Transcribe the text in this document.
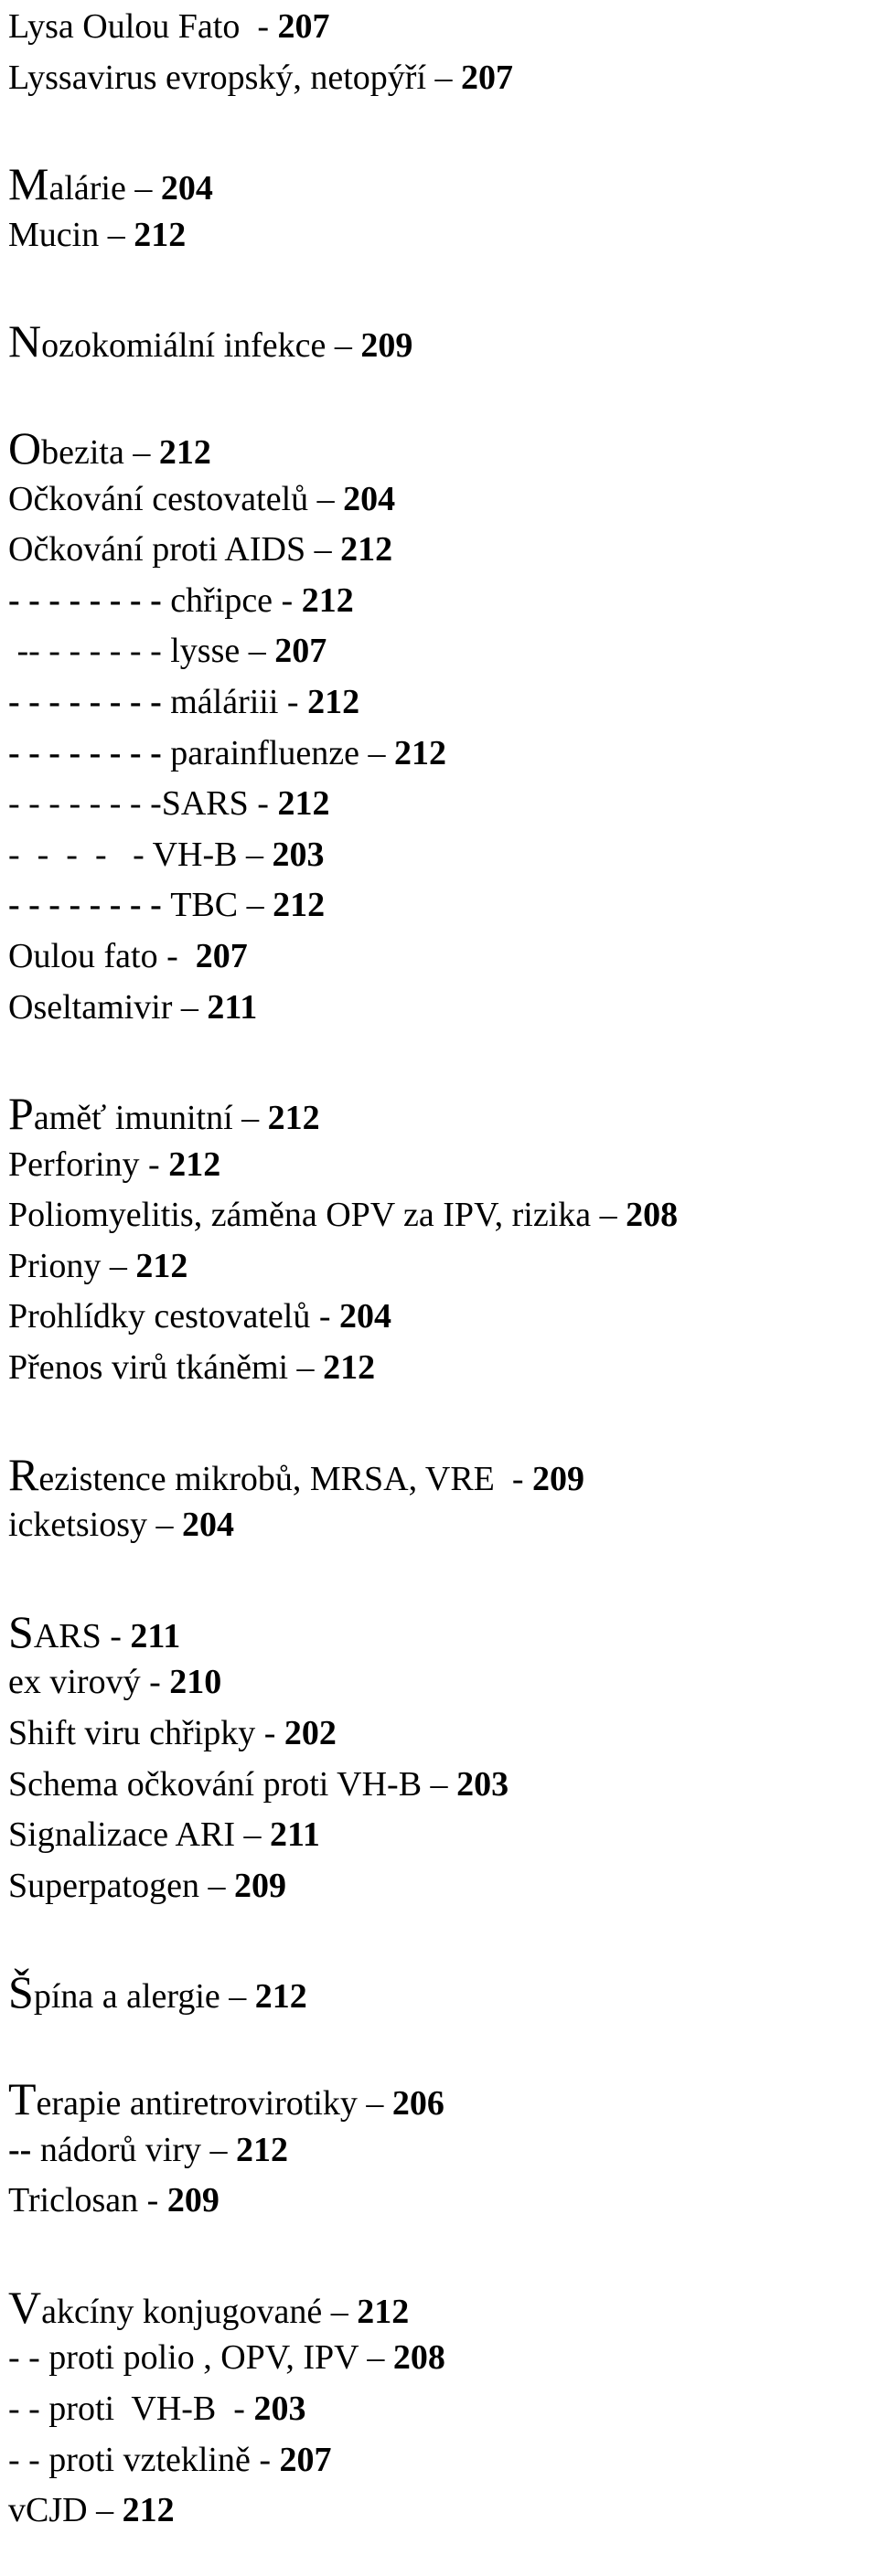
Lysa Oulou Fato  - 207
Lyssavirus evropský, netopýří – 207
Malárie – 204
Mucin – 212
Nozokomiální infekce – 209
Obezita – 212
Očkování cestovatelů – 204
Očkování proti AIDS – 212
- - - - - - - - chřipce - 212
-- - - - - - - lysse – 207
- - - - - - - - máláriii - 212
- - - - - - - - parainfluenze – 212
- - - - - - - -SARS - 212
-  -  -  -   - VH-B – 203
- - - - - - - - TBC – 212
Oulou fato -  207
Oseltamivir – 211
Paměť imunitní – 212
Perforiny - 212
Poliomyelitis, záměna OPV za IPV, rizika – 208
Priony – 212
Prohlídky cestovatelů - 204
Přenos virů tkáněmi – 212
Rezistence mikrobů, MRSA, VRE  - 209
icketsiosy – 204
SARS - 211
ex virový - 210
Shift viru chřipky - 202
Schema očkování proti VH-B – 203
Signalizace ARI – 211
Superpatogen – 209
Špína a alergie – 212
Terapie antiretrovirotiky – 206
-- nádorů viry – 212
Triclosan - 209
Vakcíny konjugované – 212
- - proti polio , OPV, IPV – 208
- - proti  VH-B  - 203
- - proti vzteklině - 207
vCJD – 212
